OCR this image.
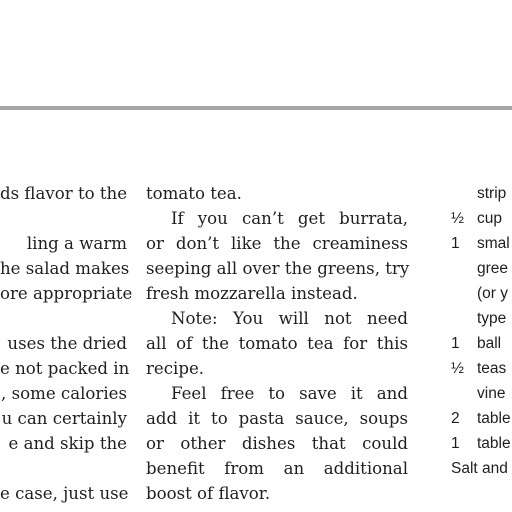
ds flavor to the
ling a warm
he salad makes
ore appropriate
uses the dried
e not packed in
, some calories
u can certainly
e and skip the
e case, just use
tomato tea.
If you can’t get burrata,
or don’t like the creaminess
seeping all over the greens, try
fresh mozzarella instead.
Note: You will not need
all of the tomato tea for this
recipe.
Feel free to save it and
add it to pasta sauce, soups
or other dishes that could
benefit from an additional
boost of flavor.
strip
½ cup
1	smal
gree
(or y
type
1	ball
½ teas
vine
2	table
1	table
Salt and
